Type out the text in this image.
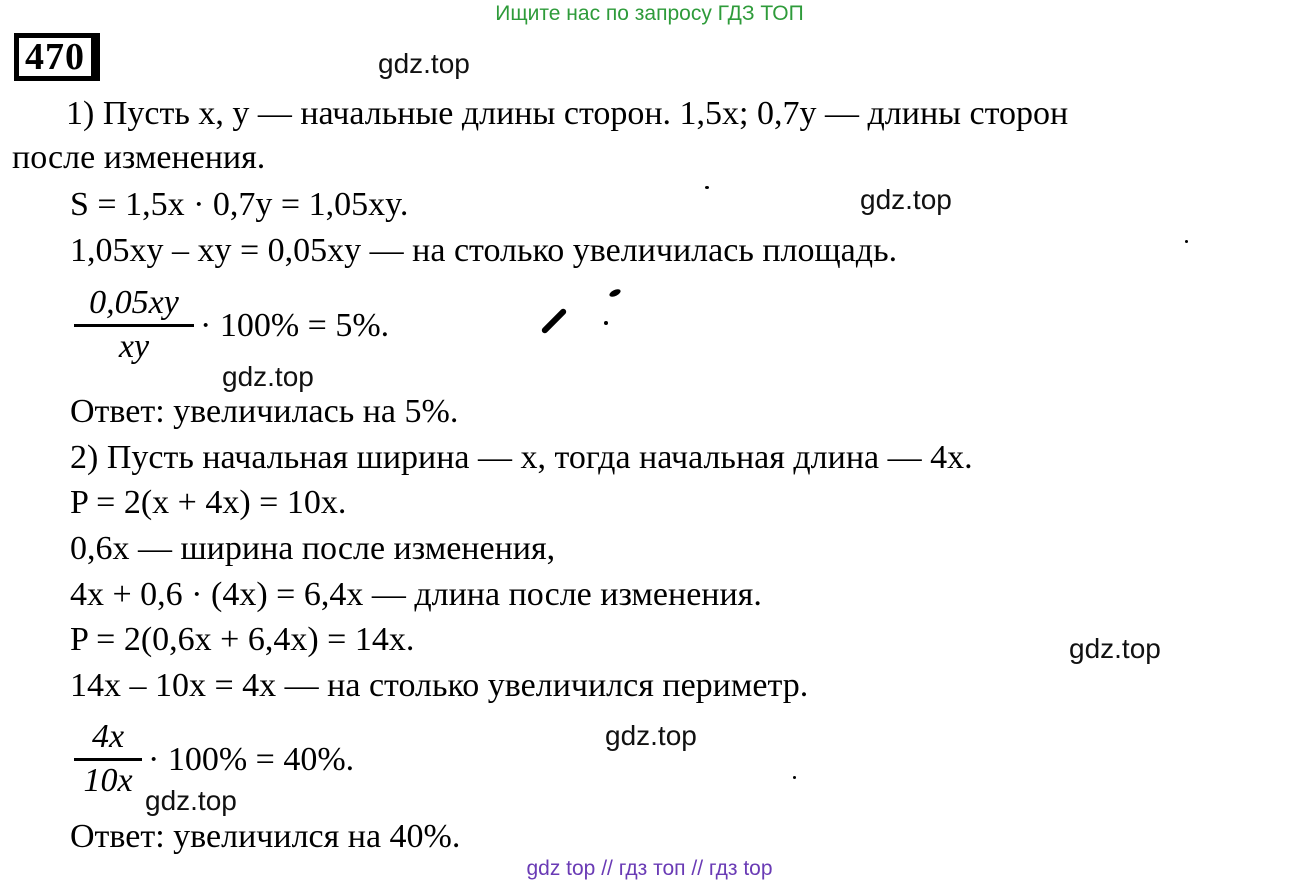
Ищите нас по запросу ГДЗ ТОП
470	gdz.top
gdz.top
gdz.top
gdz.top
gdz.top
gdz.top
1) Пусть x, y — начальные длины сторон. 1,5x; 0,7y — длины сторон
после изменения.
S = 1,5x · 0,7y = 1,05xy.
1,05xy – xy = 0,05xy — на столько увеличилась площадь.
0,05xy
xy
· 100% = 5%.
Ответ: увеличилась на 5%.
2) Пусть начальная ширина — x, тогда начальная длина — 4x.
P = 2(x + 4x) = 10x.
0,6x — ширина после изменения,
4x + 0,6 · (4x) = 6,4x — длина после изменения.
P = 2(0,6x + 6,4x) = 14x.
14x – 10x = 4x — на столько увеличился периметр.
4x
10x
· 100% = 40%.
Ответ: увеличился на 40%.
gdz top // гдз топ // гдз top
